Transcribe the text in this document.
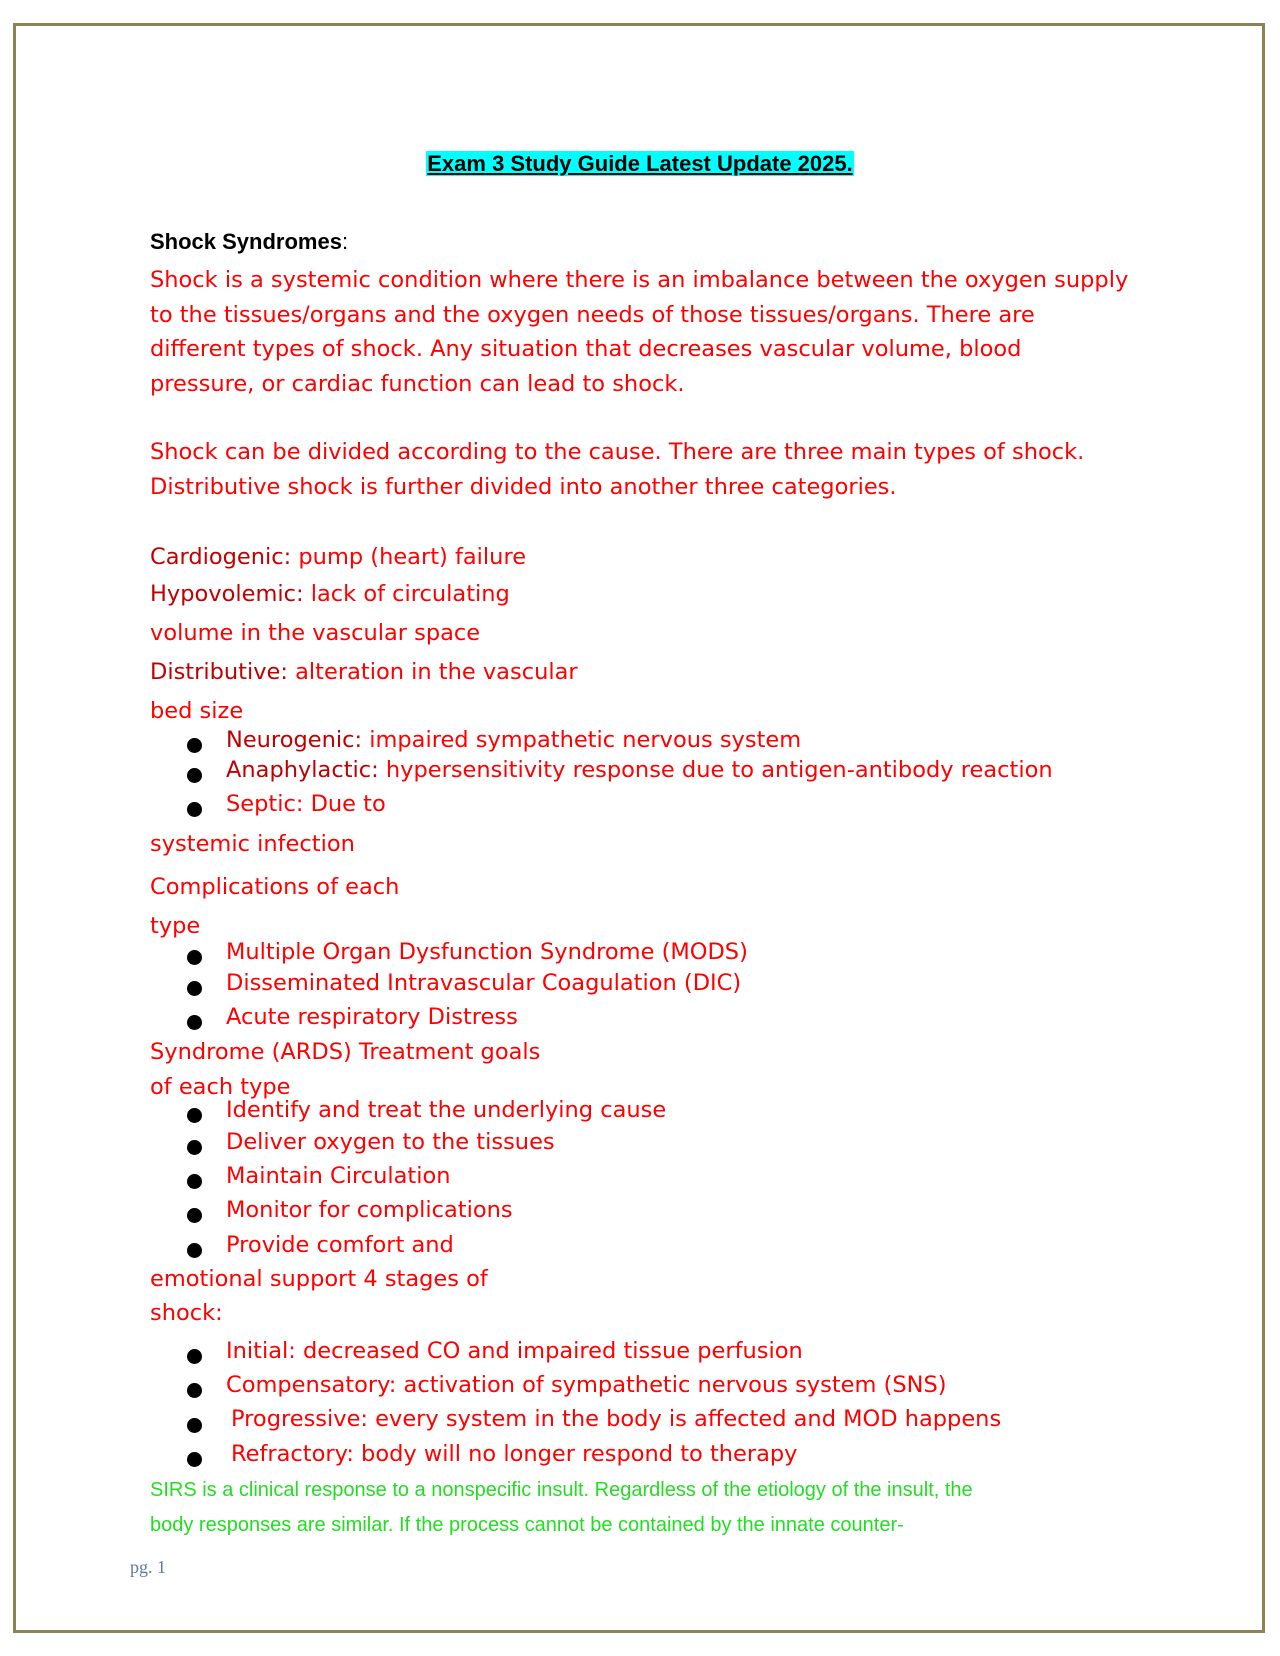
Exam 3 Study Guide Latest Update 2025.
Shock Syndromes:
Shock is a systemic condition where there is an imbalance between the oxygen supply to the tissues/organs and the oxygen needs of those tissues/organs. There are different types of shock. Any situation that decreases vascular volume, blood pressure, or cardiac function can lead to shock.
Shock can be divided according to the cause. There are three main types of shock. Distributive shock is further divided into another three categories.
Cardiogenic: pump (heart) failure
Hypovolemic: lack of circulating
volume in the vascular space
Distributive: alteration in the vascular
bed size
Neurogenic: impaired sympathetic nervous system
Anaphylactic: hypersensitivity response due to antigen-antibody reaction
Septic: Due to
systemic infection
Complications of each
type
Multiple Organ Dysfunction Syndrome (MODS)
Disseminated Intravascular Coagulation (DIC)
Acute respiratory Distress
Syndrome (ARDS) Treatment goals
of each type
Identify and treat the underlying cause
Deliver oxygen to the tissues
Maintain Circulation
Monitor for complications
Provide comfort and
emotional support 4 stages of
shock:
Initial: decreased CO and impaired tissue perfusion
Compensatory: activation of sympathetic nervous system (SNS)
Progressive: every system in the body is affected and MOD happens
Refractory: body will no longer respond to therapy
SIRS is a clinical response to a nonspecific insult. Regardless of the etiology of the insult, the
body responses are similar. If the process cannot be contained by the innate counter-
pg. 1
